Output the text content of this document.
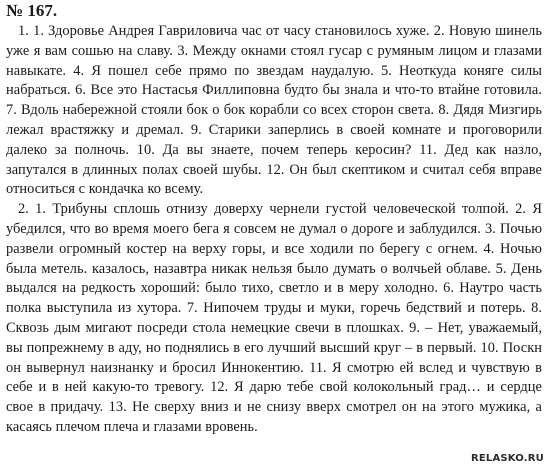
№ 167.

1. 1. Здоровье Андрея Гавриловича час от часу становилось хуже. 2. Новую шинель уже я вам сошью на славу. 3. Между окнами стоял гусар с румяным лицом и глазами навыкате. 4. Я пошел себе прямо по звездам наудалую. 5. Неоткуда коняге силы набраться. 6. Все это Настасья Филлиповна будто бы знала и что-то втайне готовила. 7. Вдоль набережной стояли бок о бок корабли со всех сторон света. 8. Дядя Мизгирь лежал врастяжку и дремал. 9. Старики заперлись в своей комнате и проговорили далеко за полночь. 10. Да вы знаете, почем теперь керосин? 11. Дед как назло, запутался в длинных полах своей шубы. 12. Он был скептиком и считал себя вправе относиться с кондачка ко всему.

2. 1. Трибуны сплошь отнизу доверху чернели густой человеческой толпой. 2. Я убедился, что во время моего бега я совсем не думал о дороге и заблудился. 3. Почью развели огромный костер на верху горы, и все ходили по берегу с огнем. 4. Ночью была метель. казалось, назавтра никак нельзя было думать о волчьей облаве. 5. День выдался на редкость хороший: было тихо, светло и в меру холодно. 6. Наутро часть полка выступила из хутора. 7. Нипочем труды и муки, горечь бедствий и потерь. 8. Сквозь дым мигают посреди стола немецкие свечи в плошках. 9. – Нет, уважаемый, вы попрежнему в аду, но поднялись в его лучший высший круг – в первый. 10. Поскн он вывернул наизнанку и бросил Иннокентию. 11. Я смотрю ей вслед и чувствую в себе и в ней какую-то тревогу. 12. Я дарю тебе свой колокольный град… и сердце свое в придачу. 13. Не сверху вниз и не снизу вверх смотрел он на этого мужика, а касаясь плечом плеча и глазами вровень.

RELASKO.RU
